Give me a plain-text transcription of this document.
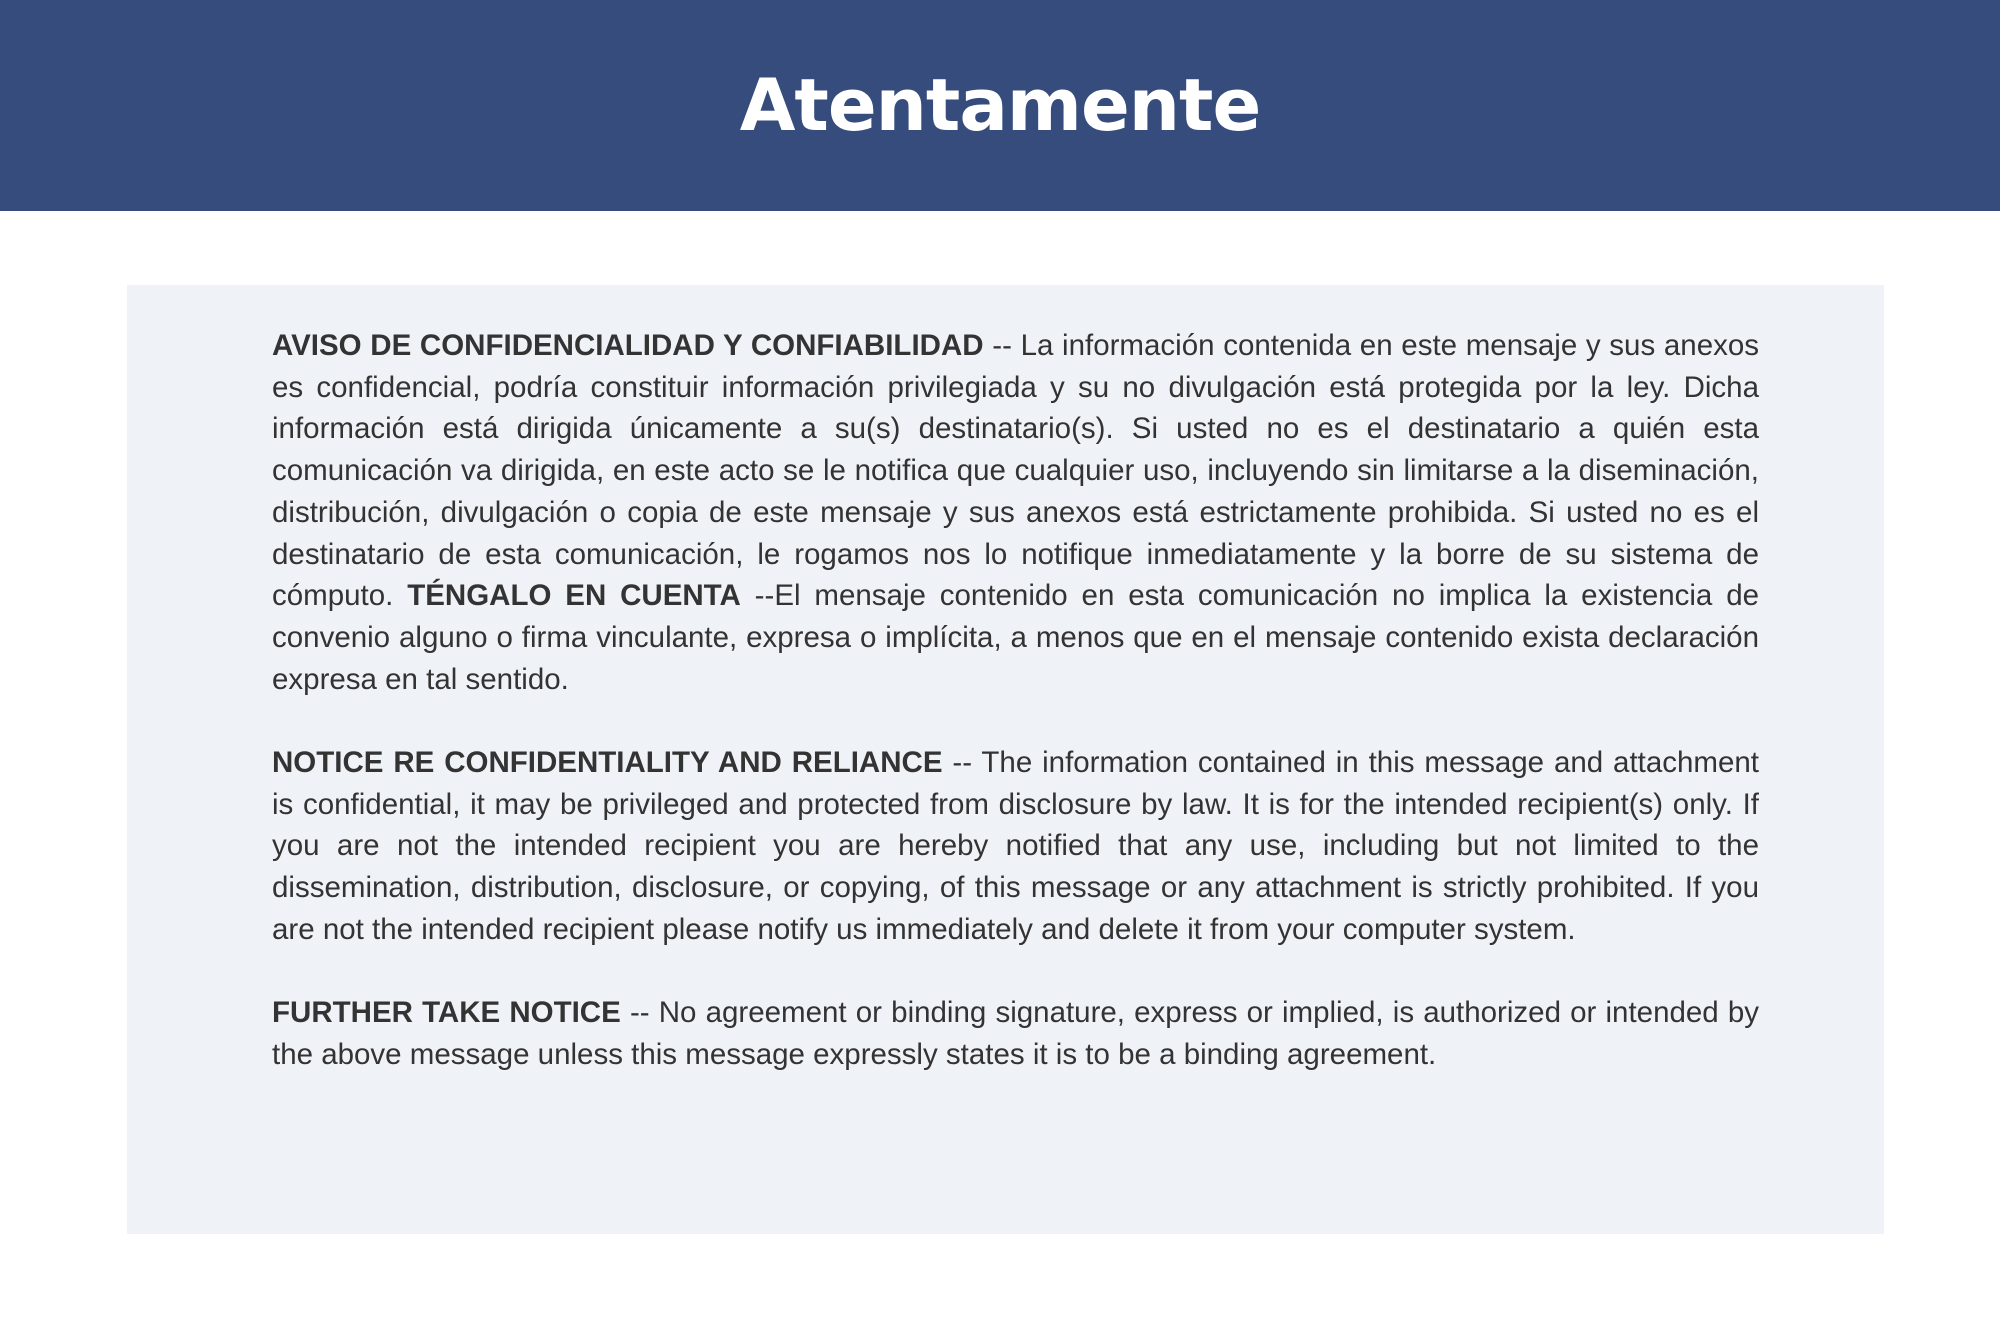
Atentamente

AVISO DE CONFIDENCIALIDAD Y CONFIABILIDAD -- La información contenida en este mensaje y sus anexos es confidencial, podría constituir información privilegiada y su no divulgación está protegida por la ley. Dicha información está dirigida únicamente a su(s) destinatario(s). Si usted no es el destinatario a quién esta comunicación va dirigida, en este acto se le notifica que cualquier uso, incluyendo sin limitarse a la diseminación, distribución, divulgación o copia de este mensaje y sus anexos está estrictamente prohibida. Si usted no es el destinatario de esta comunicación, le rogamos nos lo notifique inmediatamente y la borre de su sistema de cómputo. TÉNGALO EN CUENTA --El mensaje contenido en esta comunicación no implica la existencia de convenio alguno o firma vinculante, expresa o implícita, a menos que en el mensaje contenido exista declaración expresa en tal sentido.

NOTICE RE CONFIDENTIALITY AND RELIANCE -- The information contained in this message and attachment is confidential, it may be privileged and protected from disclosure by law. It is for the intended recipient(s) only. If you are not the intended recipient you are hereby notified that any use, including but not limited to the dissemination, distribution, disclosure, or copying, of this message or any attachment is strictly prohibited. If you are not the intended recipient please notify us immediately and delete it from your computer system.

FURTHER TAKE NOTICE -- No agreement or binding signature, express or implied, is authorized or intended by the above message unless this message expressly states it is to be a binding agreement.
